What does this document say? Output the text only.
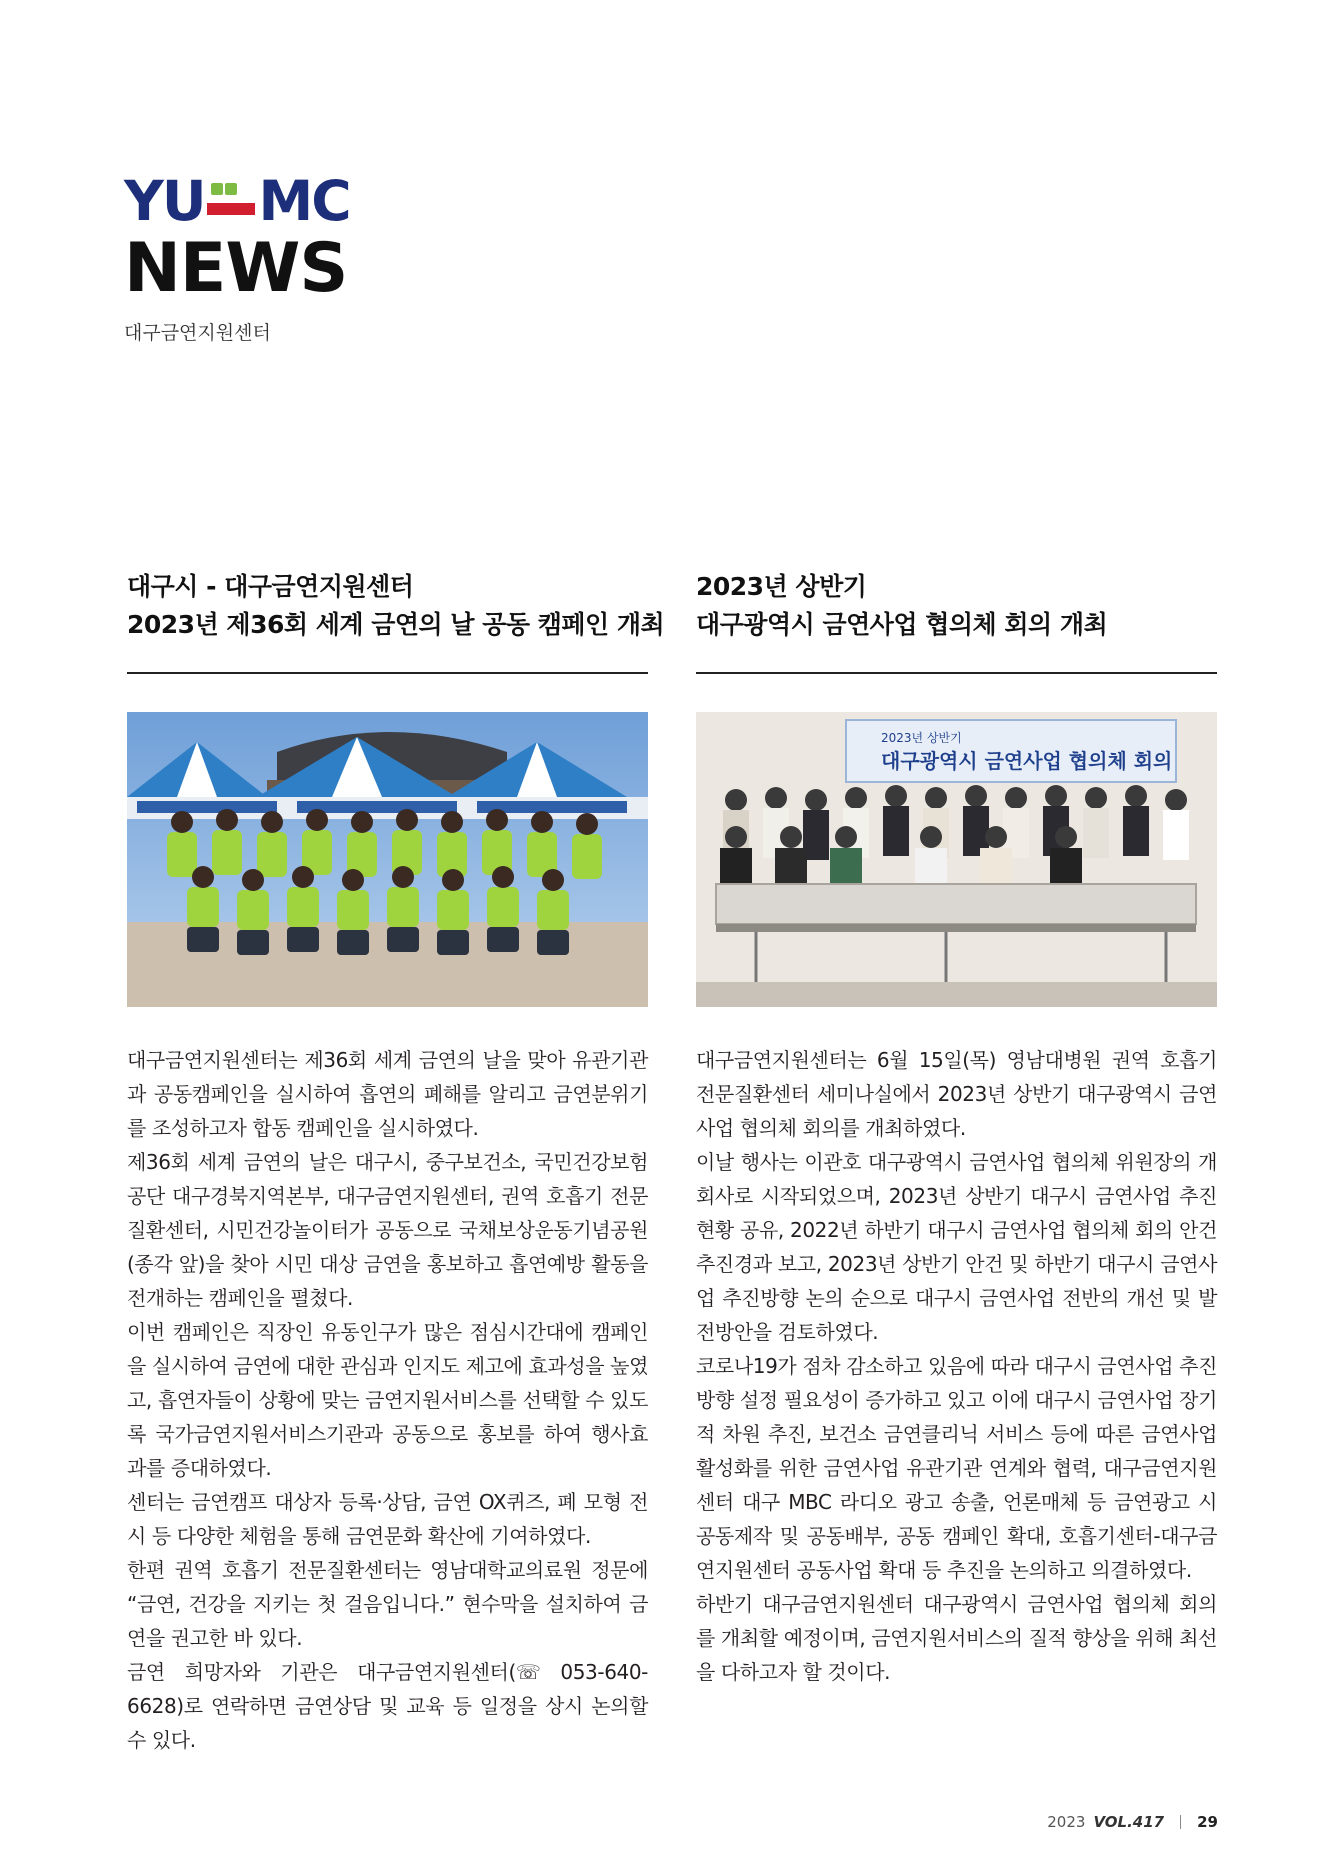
YU MC
NEWS
대구금연지원센터
대구시 - 대구금연지원센터
2023년 제36회 세계 금연의 날 공동 캠페인 개최

대구금연지원센터는 제36회 세계 금연의 날을 맞아 유관기관과 공동캠페인을 실시하여 흡연의 폐해를 알리고 금연분위기를 조성하고자 합동 캠페인을 실시하였다.

제36회 세계 금연의 날은 대구시, 중구보건소, 국민건강보험공단 대구경북지역본부, 대구금연지원센터, 권역 호흡기 전문질환센터, 시민건강놀이터가 공동으로 국채보상운동기념공원(종각 앞)을 찾아 시민 대상 금연을 홍보하고 흡연예방 활동을 전개하는 캠페인을 펼쳤다.

이번 캠페인은 직장인 유동인구가 많은 점심시간대에 캠페인을 실시하여 금연에 대한 관심과 인지도 제고에 효과성을 높였고, 흡연자들이 상황에 맞는 금연지원서비스를 선택할 수 있도록 국가금연지원서비스기관과 공동으로 홍보를 하여 행사효과를 증대하였다.

센터는 금연캠프 대상자 등록·상담, 금연 OX퀴즈, 폐 모형 전시 등 다양한 체험을 통해 금연문화 확산에 기여하였다.

한편 권역 호흡기 전문질환센터는 영남대학교의료원 정문에 “금연, 건강을 지키는 첫 걸음입니다.” 현수막을 설치하여 금연을 권고한 바 있다.

금연 희망자와 기관은 대구금연지원센터(☏ 053-640-6628)로 연락하면 금연상담 및 교육 등 일정을 상시 논의할 수 있다.

2023년 상반기
대구광역시 금연사업 협의체 회의 개최
2023년 상반기
대구광역시 금연사업 협의체 회의

대구금연지원센터는 6월 15일(목) 영남대병원 권역 호흡기 전문질환센터 세미나실에서 2023년 상반기 대구광역시 금연사업 협의체 회의를 개최하였다.

이날 행사는 이관호 대구광역시 금연사업 협의체 위원장의 개회사로 시작되었으며, 2023년 상반기 대구시 금연사업 추진 현황 공유, 2022년 하반기 대구시 금연사업 협의체 회의 안건 추진경과 보고, 2023년 상반기 안건 및 하반기 대구시 금연사업 추진방향 논의 순으로 대구시 금연사업 전반의 개선 및 발전방안을 검토하였다.

코로나19가 점차 감소하고 있음에 따라 대구시 금연사업 추진방향 설정 필요성이 증가하고 있고 이에 대구시 금연사업 장기적 차원 추진, 보건소 금연클리닉 서비스 등에 따른 금연사업 활성화를 위한 금연사업 유관기관 연계와 협력, 대구금연지원센터 대구 MBC 라디오 광고 송출, 언론매체 등 금연광고 시 공동제작 및 공동배부, 공동 캠페인 확대, 호흡기센터-대구금연지원센터 공동사업 확대 등 추진을 논의하고 의결하였다.

하반기 대구금연지원센터 대구광역시 금연사업 협의체 회의를 개최할 예정이며, 금연지원서비스의 질적 향상을 위해 최선을 다하고자 할 것이다.

2023 VOL.417 29
